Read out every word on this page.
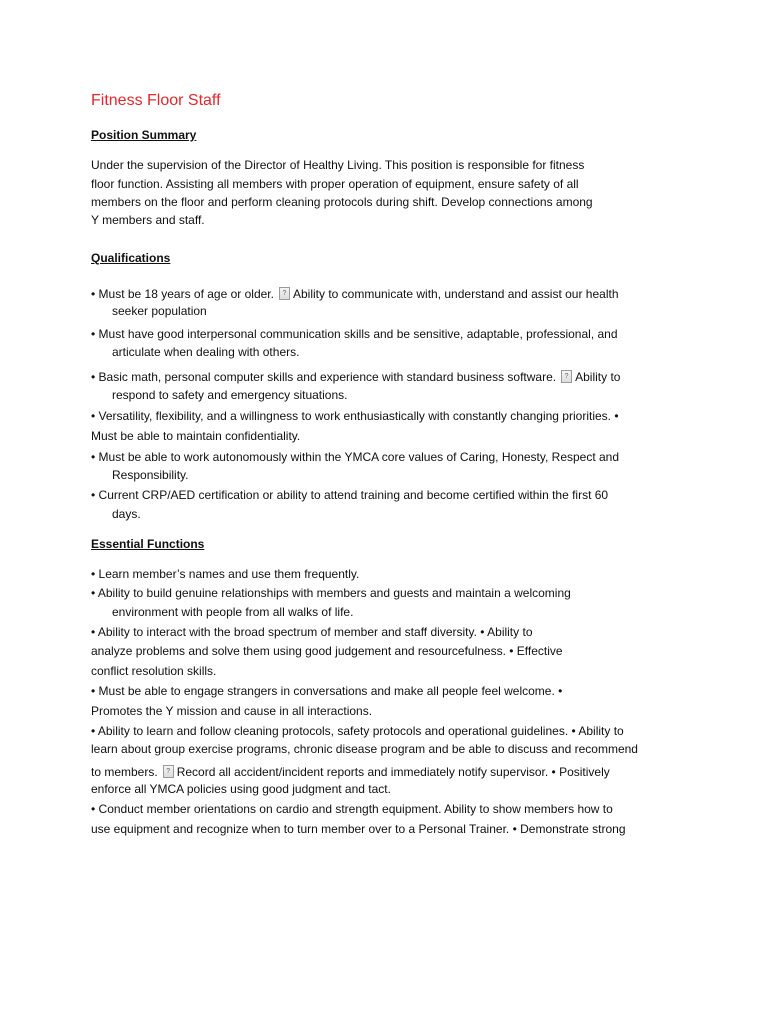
Fitness Floor Staff
Position Summary
Under the supervision of the Director of Healthy Living. This position is responsible for fitness
floor function. Assisting all members with proper operation of equipment, ensure safety of all
members on the floor and perform cleaning protocols during shift. Develop connections among
Y members and staff.
Qualifications
• Must be 18 years of age or older. ? Ability to communicate with, understand and assist our health
seeker population
• Must have good interpersonal communication skills and be sensitive, adaptable, professional, and
articulate when dealing with others.
• Basic math, personal computer skills and experience with standard business software. ? Ability to
respond to safety and emergency situations.
• Versatility, flexibility, and a willingness to work enthusiastically with constantly changing priorities. •
Must be able to maintain confidentiality.
• Must be able to work autonomously within the YMCA core values of Caring, Honesty, Respect and
Responsibility.
• Current CRP/AED certification or ability to attend training and become certified within the first 60
days.
Essential Functions
• Learn member’s names and use them frequently.
• Ability to build genuine relationships with members and guests and maintain a welcoming
environment with people from all walks of life.
• Ability to interact with the broad spectrum of member and staff diversity. • Ability to
analyze problems and solve them using good judgement and resourcefulness. • Effective
conflict resolution skills.
• Must be able to engage strangers in conversations and make all people feel welcome. •
Promotes the Y mission and cause in all interactions.
• Ability to learn and follow cleaning protocols, safety protocols and operational guidelines. • Ability to
learn about group exercise programs, chronic disease program and be able to discuss and recommend
to members. ? Record all accident/incident reports and immediately notify supervisor. • Positively
enforce all YMCA policies using good judgment and tact.
• Conduct member orientations on cardio and strength equipment. Ability to show members how to
use equipment and recognize when to turn member over to a Personal Trainer. • Demonstrate strong
